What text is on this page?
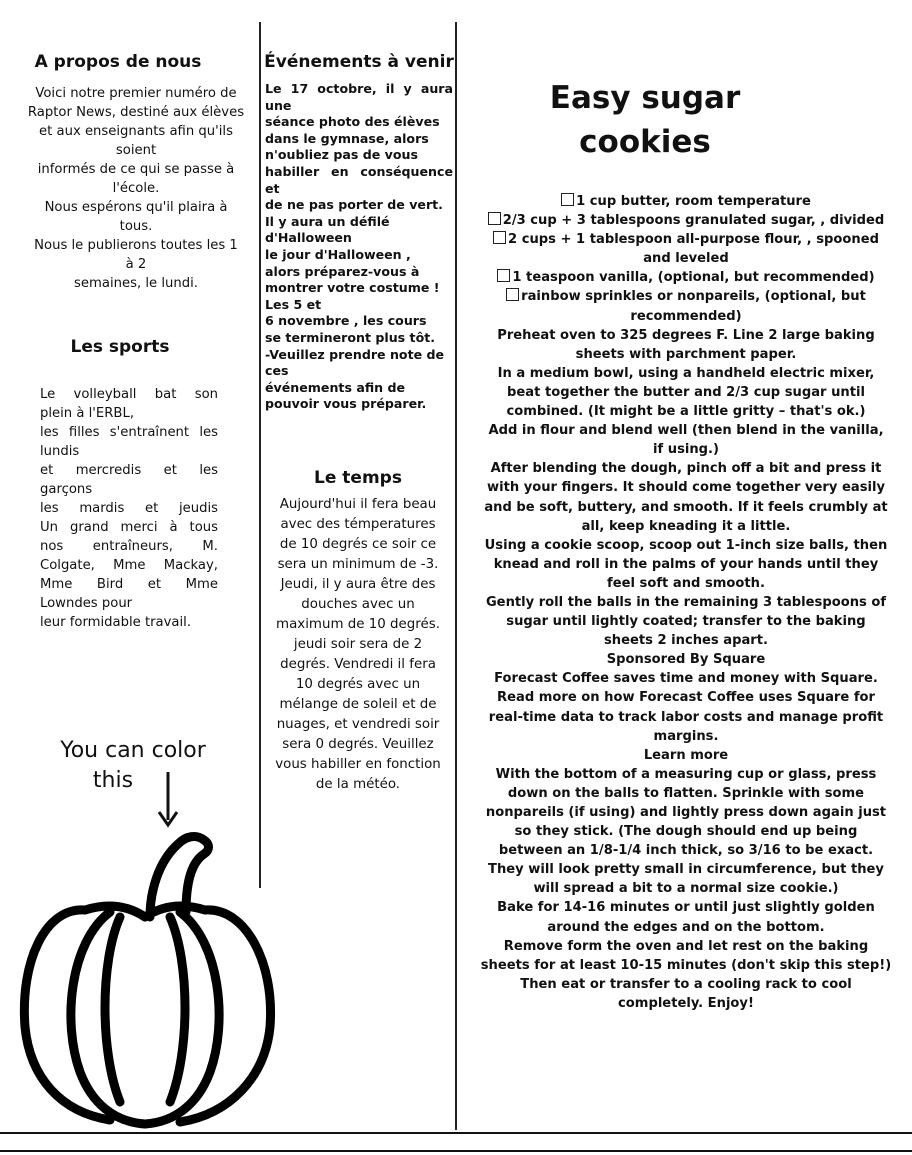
A propos de nous
Voici notre premier numéro de
Raptor News, destiné aux élèves
et aux enseignants afin qu'ils
soient
informés de ce qui se passe à
l'école.
Nous espérons qu'il plaira à
tous.
Nous le publierons toutes les 1
à 2
semaines, le lundi.
Les sports
Le volleyball bat son
plein à l'ERBL,
les filles s'entraînent les
lundis
et mercredis et les
garçons
les mardis et jeudis
Un grand merci à tous
nos entraîneurs, M.
Colgate, Mme Mackay,
Mme Bird et Mme
Lowndes pour
leur formidable travail.
You can color
this
Événements à venir
Le 17 octobre, il y aura
une
séance photo des élèves
dans le gymnase, alors
n'oubliez pas de vous
habiller en conséquence
et
de ne pas porter de vert.
Il y aura un défilé
d'Halloween
le jour d'Halloween ,
alors préparez-vous à
montrer votre costume !
Les 5 et
6 novembre , les cours
se termineront plus tôt.
-Veuillez prendre note de
ces
événements afin de
pouvoir vous préparer.
Le temps
Aujourd'hui il fera beau
avec des témperatures
de 10 degrés ce soir ce
sera un minimum de -3.
Jeudi, il y aura être des
douches avec un
maximum de 10 degrés.
jeudi soir sera de 2
degrés. Vendredi il fera
10 degrés avec un
mélange de soleil et de
nuages, et vendredi soir
sera 0 degrés. Veuillez
vous habiller en fonction
de la météo.
Easy sugar
cookies
1 cup butter, room temperature
2/3 cup + 3 tablespoons granulated sugar, , divided
2 cups + 1 tablespoon all-purpose flour, , spooned
and leveled
1 teaspoon vanilla, (optional, but recommended)
rainbow sprinkles or nonpareils, (optional, but
recommended)
Preheat oven to 325 degrees F. Line 2 large baking
sheets with parchment paper.
In a medium bowl, using a handheld electric mixer,
beat together the butter and 2/3 cup sugar until
combined. (It might be a little gritty – that's ok.)
Add in flour and blend well (then blend in the vanilla,
if using.)
After blending the dough, pinch off a bit and press it
with your fingers. It should come together very easily
and be soft, buttery, and smooth. If it feels crumbly at
all, keep kneading it a little.
Using a cookie scoop, scoop out 1-inch size balls, then
knead and roll in the palms of your hands until they
feel soft and smooth.
Gently roll the balls in the remaining 3 tablespoons of
sugar until lightly coated; transfer to the baking
sheets 2 inches apart.
Sponsored By Square
Forecast Coffee saves time and money with Square.
Read more on how Forecast Coffee uses Square for
real-time data to track labor costs and manage profit
margins.
Learn more
With the bottom of a measuring cup or glass, press
down on the balls to flatten. Sprinkle with some
nonpareils (if using) and lightly press down again just
so they stick. (The dough should end up being
between an 1/8-1/4 inch thick, so 3/16 to be exact.
They will look pretty small in circumference, but they
will spread a bit to a normal size cookie.)
Bake for 14-16 minutes or until just slightly golden
around the edges and on the bottom.
Remove form the oven and let rest on the baking
sheets for at least 10-15 minutes (don't skip this step!)
Then eat or transfer to a cooling rack to cool
completely. Enjoy!
